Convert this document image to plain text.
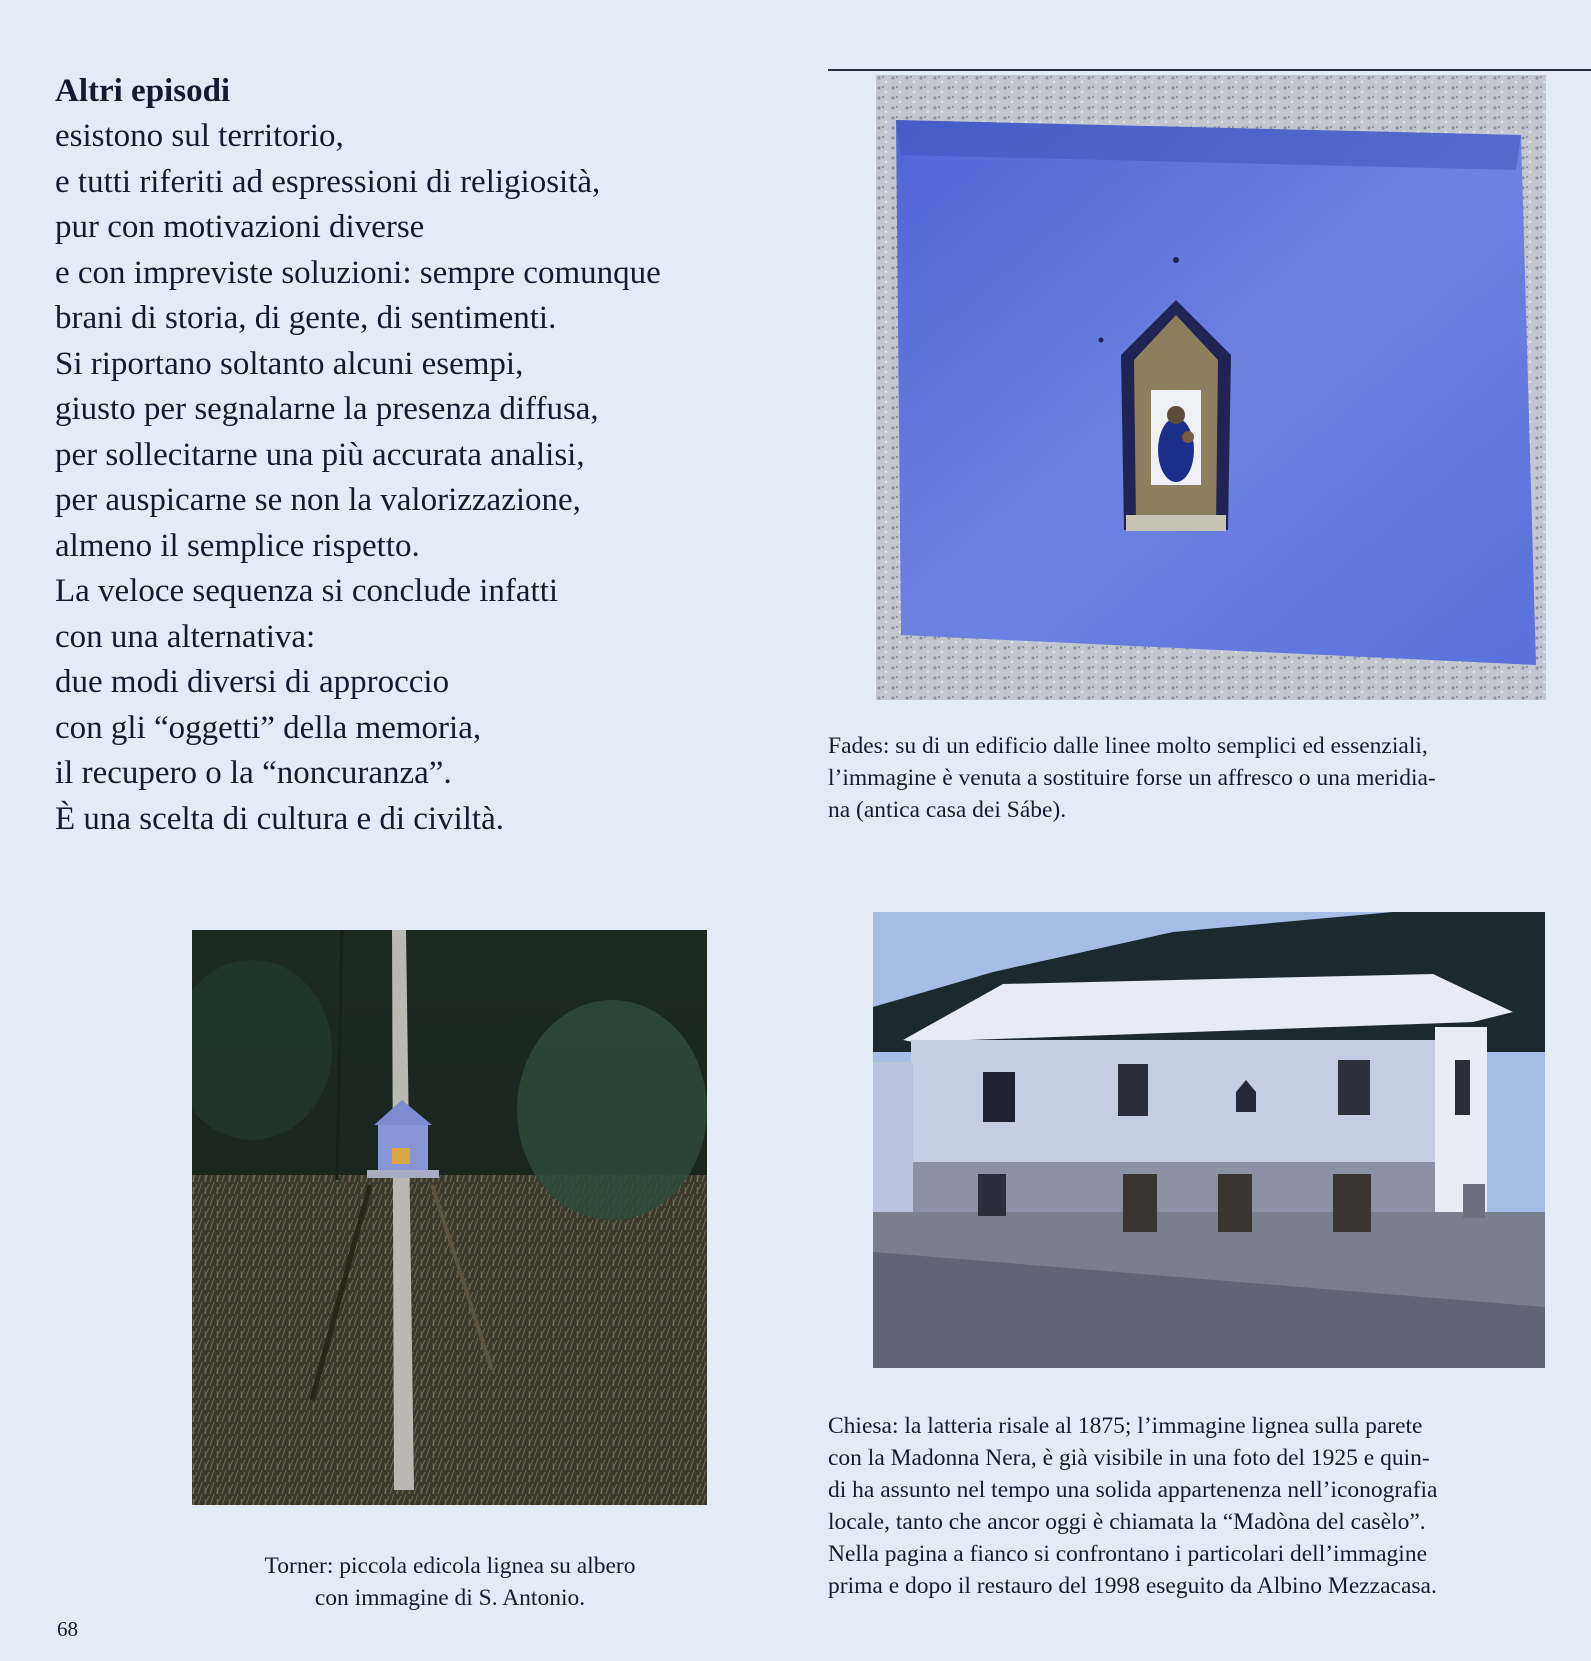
Altri episodi
esistono sul territorio,
e tutti riferiti ad espressioni di religiosità,
pur con motivazioni diverse
e con impreviste soluzioni: sempre comunque
brani di storia, di gente, di sentimenti.
Si riportano soltanto alcuni esempi,
giusto per segnalarne la presenza diffusa,
per sollecitarne una più accurata analisi,
per auspicarne se non la valorizzazione,
almeno il semplice rispetto.
La veloce sequenza si conclude infatti
con una alternativa:
due modi diversi di approccio
con gli “oggetti” della memoria,
il recupero o la “noncuranza”.
È una scelta di cultura e di civiltà.
Fades: su di un edificio dalle linee molto semplici ed essenziali,
l’immagine è venuta a sostituire forse un affresco o una meridia-
na (antica casa dei Sábe).
Torner: piccola edicola lignea su albero
con immagine di S. Antonio.
Chiesa: la latteria risale al 1875; l’immagine lignea sulla parete
con la Madonna Nera, è già visibile in una foto del 1925 e quin-
di ha assunto nel tempo una solida appartenenza nell’iconografia
locale, tanto che ancor oggi è chiamata la “Madòna del casèlo”.
Nella pagina a fianco si confrontano i particolari dell’immagine
prima e dopo il restauro del 1998 eseguito da Albino Mezzacasa.
68
